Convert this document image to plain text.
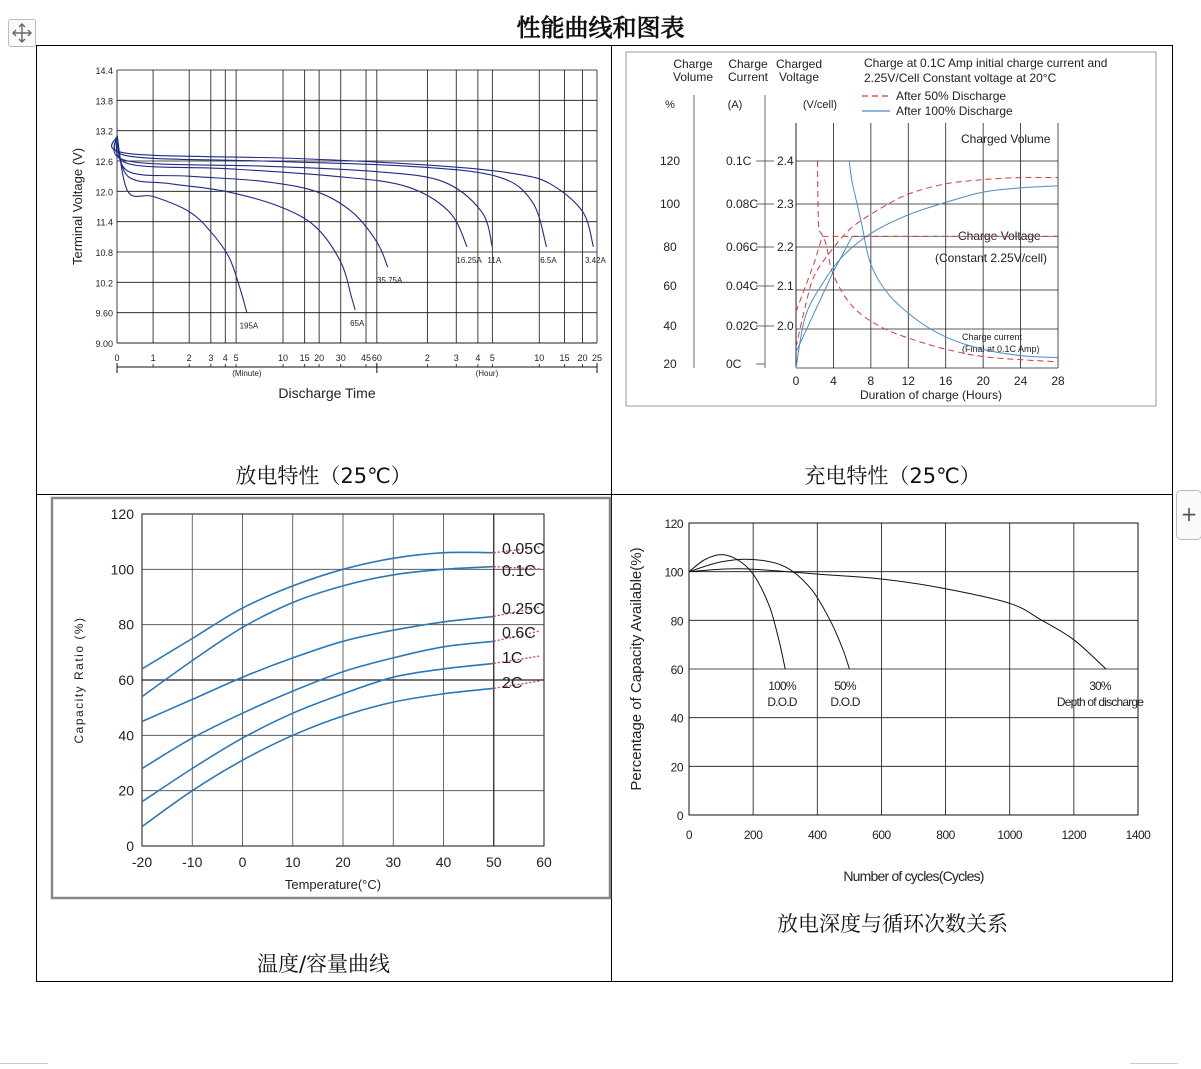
性能曲线和图表
+
14.4
13.8
13.2
12.6
12.0
11.4
10.8
10.2
9.60
9.00
0	1	2 3 4 5	10 15 20 30 45 60	2	3 4 5	10 15 20 25
(Minute)	(Hour)
Discharge Time
Terminal Voltage (V)
195A	65A
35.75A
16.25A 11A	6.5A	3.42A
Charge
Volume
Charge
Current
Charged
Voltage
%	(A)	(V/cell)
120
100
80
60
40
20
0.1C
0.08C
0.06C
0.04C
0.02C
0C
2.4
2.3
2.2
2.1
2.0
0	4	8 12 16 20 24 28
Duration of charge (Hours)
Charge at 0.1C Amp initial charge current and
2.25V/Cell Constant voltage at 20°C
After 50% Discharge
After 100% Discharge
Charged Volume
Charge Voltage
(Constant 2.25V/cell)
Charge current
(Final at 0.1C Amp)
0
20
40
60
80
100
120
-20 -10	0	10 20 30 40 50 60
Temperature(°C)
Capacity Ratio (%)
0.05C
0.1C
0.25C
0.6C
1C
2C
0
20
40
60
80
100
120
0	200	400	600	800	1000	1200	1400
Number of cycles(Cycles)
Percentage of Capacity Available(%)	100%
D.O.D
50%
D.O.D
30%
Depth of discharge
放电特性（25℃）	充电特性（25℃）
温度/容量曲线
放电深度与循环次数关系
